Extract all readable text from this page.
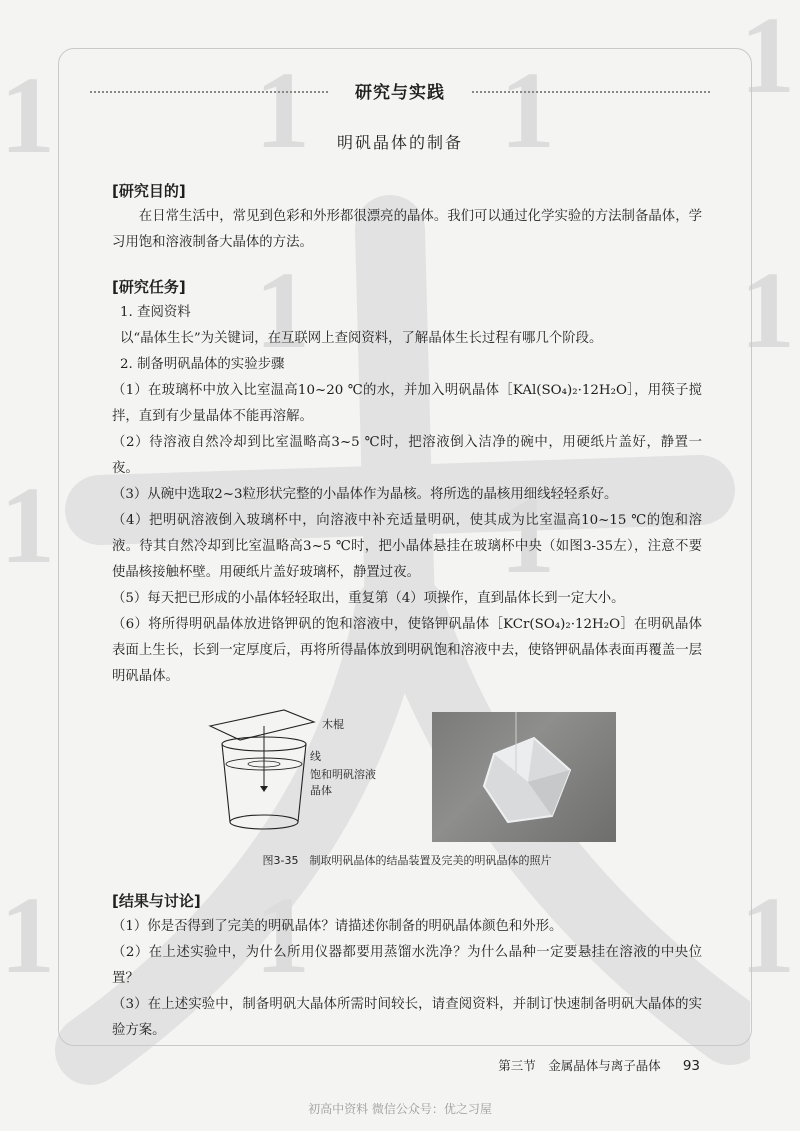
1
1
1
1
1
1
1
1
1
1
1
研究与实践
明矾晶体的制备

[研究目的]

在日常生活中，常见到色彩和外形都很漂亮的晶体。我们可以通过化学实验的方法制备晶体，学习用饱和溶液制备大晶体的方法。

[研究任务]

1. 查阅资料

以“晶体生长”为关键词，在互联网上查阅资料，了解晶体生长过程有哪几个阶段。

2. 制备明矾晶体的实验步骤

（1）在玻璃杯中放入比室温高10~20 ℃的水，并加入明矾晶体［KAl(SO₄)₂·12H₂O］，用筷子搅拌，直到有少量晶体不能再溶解。

（2）待溶液自然冷却到比室温略高3~5 ℃时，把溶液倒入洁净的碗中，用硬纸片盖好，静置一夜。

（3）从碗中选取2~3粒形状完整的小晶体作为晶核。将所选的晶核用细线轻轻系好。

（4）把明矾溶液倒入玻璃杯中，向溶液中补充适量明矾，使其成为比室温高10~15 ℃的饱和溶液。待其自然冷却到比室温略高3~5 ℃时，把小晶体悬挂在玻璃杯中央（如图3-35左），注意不要使晶核接触杯壁。用硬纸片盖好玻璃杯，静置过夜。

（5）每天把已形成的小晶体轻轻取出，重复第（4）项操作，直到晶体长到一定大小。

（6）将所得明矾晶体放进铬钾矾的饱和溶液中，使铬钾矾晶体［KCr(SO₄)₂·12H₂O］在明矾晶体表面上生长，长到一定厚度后，再将所得晶体放到明矾饱和溶液中去，使铬钾矾晶体表面再覆盖一层明矾晶体。

木棍
线
饱和明矾溶液
晶体
图3-35　制取明矾晶体的结晶装置及完美的明矾晶体的照片

[结果与讨论]

（1）你是否得到了完美的明矾晶体？请描述你制备的明矾晶体颜色和外形。

（2）在上述实验中，为什么所用仪器都要用蒸馏水洗净？为什么晶种一定要悬挂在溶液的中央位置？

（3）在上述实验中，制备明矾大晶体所需时间较长，请查阅资料，并制订快速制备明矾大晶体的实验方案。

第三节　金属晶体与离子晶体 93
初高中资料 微信公众号：优之习屋
